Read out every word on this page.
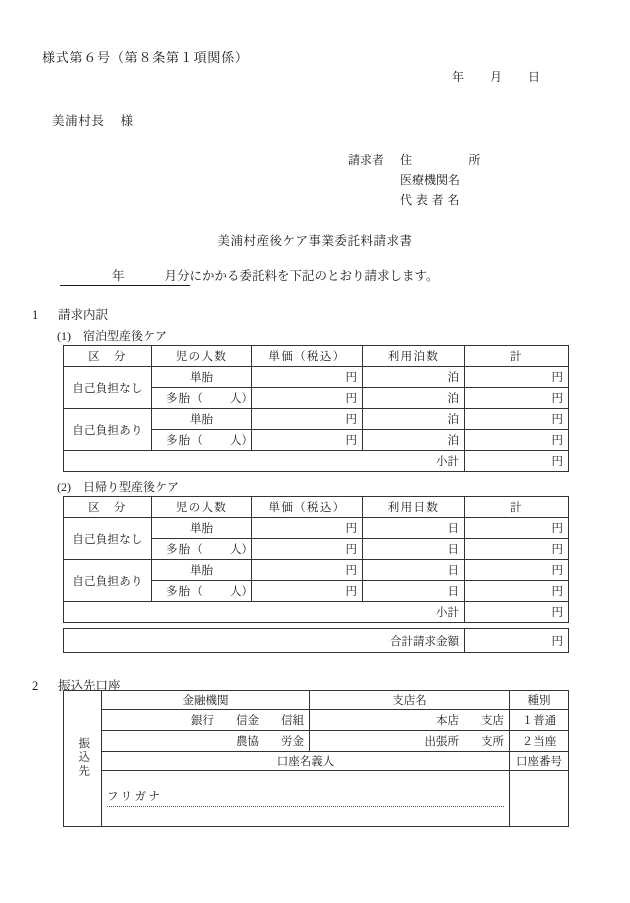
様式第６号（第８条第１項関係）
年 月 日
美浦村長 様
請求者 住　　所
医療機関名
代表者名
美浦村産後ケア事業委託料請求書
年	月分にかかる委託料を下記のとおり請求します。
1 請求内訳
(1)　宿泊型産後ケア
区　分	児の人数	単価（税込）	利用泊数	計
自己負担なし	単胎	円	泊	円
	多胎（ 人）	円	泊	円
自己負担あり	単胎	円	泊	円
	多胎（ 人）	円	泊	円
小計				円
(2)　日帰り型産後ケア
区　分	児の人数	単価（税込）	利用日数	計
自己負担なし	単胎	円	日	円
	多胎（ 人）	円	日	円
自己負担あり	単胎	円	日	円
	多胎（ 人）	円	日	円
小計				円
合計請求金額	円
2 振込先口座
振込先	金融機関	支店名	種別
	銀行 信金 信組	本店 支店	１普通
	農協 労金	出張所 支所	２当座
	口座名義人		口座番号

	フリガナ		
